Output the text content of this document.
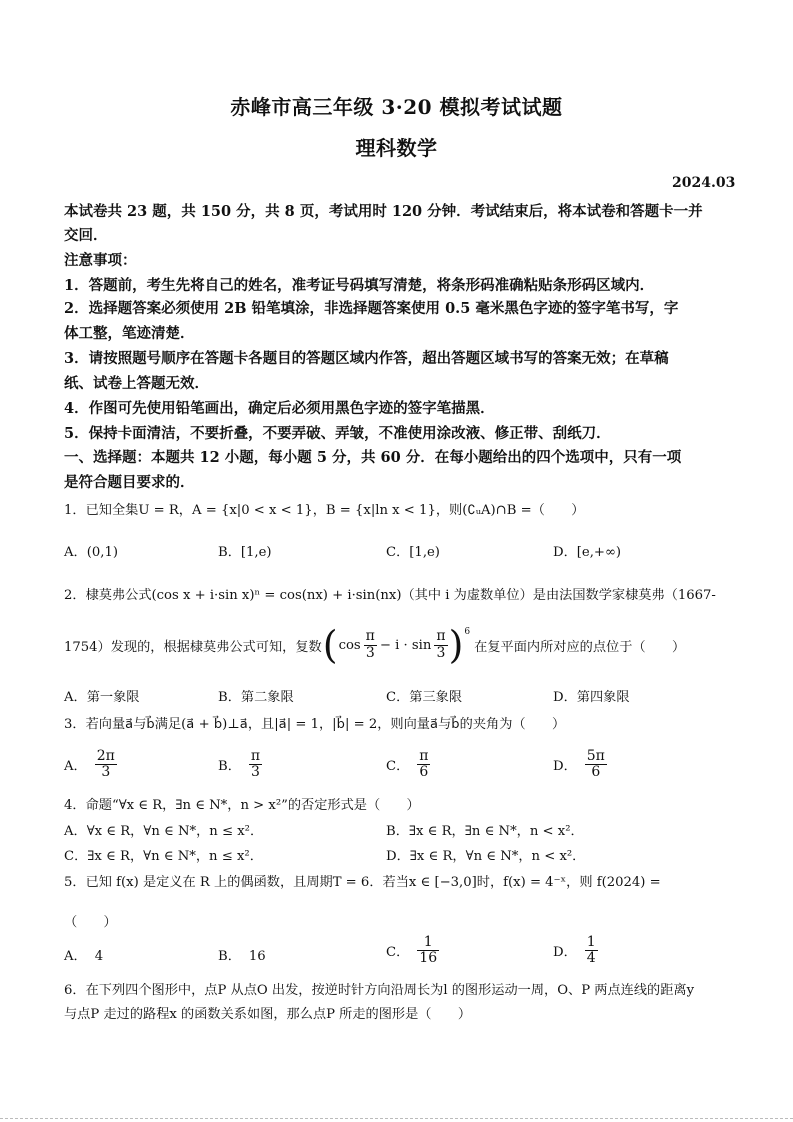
赤峰市高三年级 3·20 模拟考试试题
理科数学
2024.03
本试卷共 23 题，共 150 分，共 8 页，考试用时 120 分钟．考试结束后，将本试卷和答题卡一并
交回．
注意事项：
1．答题前，考生先将自己的姓名，准考证号码填写清楚，将条形码准确粘贴条形码区域内．
2．选择题答案必须使用 2B 铅笔填涂，非选择题答案使用 0.5 毫米黑色字迹的签字笔书写，字
体工整，笔迹清楚．
3．请按照题号顺序在答题卡各题目的答题区域内作答，超出答题区域书写的答案无效；在草稿
纸、试卷上答题无效．
4．作图可先使用铅笔画出，确定后必须用黑色字迹的签字笔描黑．
5．保持卡面清洁，不要折叠，不要弄破、弄皱，不准使用涂改液、修正带、刮纸刀．
一、选择题：本题共 12 小题，每小题 5 分，共 60 分．在每小题给出的四个选项中，只有一项
是符合题目要求的．
1．已知全集U = R，A = {x|0 < x < 1}，B = {x|ln x < 1}，则(∁ᵤA)∩B =（　　）
A．(0,1)	B．[1,e)	C．[1,e)	D．[e,+∞)
2．棣莫弗公式(cos x + i·sin x)ⁿ = cos(nx) + i·sin(nx)（其中 i 为虚数单位）是由法国数学家棣莫弗（1667-
1754）发现的，根据棣莫弗公式可知，复数 ( $\cos \frac{\pi}{3} - i \cdot \sin \frac{\pi}{3} )^6$
在复平面内所对应的点位于（　　）
A．第一象限	B．第二象限	C．第三象限	D．第四象限
3．若向量a⃗与b⃗满足(a⃗ + b⃗)⊥a⃗，且|a⃗| = 1，|b⃗| = 2，则向量a⃗与b⃗的夹角为（　　）
A． $\frac{2\pi}{3}$	B． $\frac{\pi}{3}$	C． $\frac{\pi}{6}$	D． $\frac{5\pi}{6}$
4．命题“∀x ∈ R，∃n ∈ N*，n > x²”的否定形式是（　　）
A．∀x ∈ R，∀n ∈ N*，n ≤ x²．	B．∃x ∈ R，∃n ∈ N*，n < x²．
C．∃x ∈ R，∀n ∈ N*，n ≤ x²．	D．∃x ∈ R，∀n ∈ N*，n < x²．
5．已知 f(x) 是定义在 R 上的偶函数，且周期T = 6．若当x ∈ [−3,0]时，f(x) = 4⁻ˣ，则 f(2024) =
（　　）
A． 4	B． 16	C． $\frac{1}{16}$	D． $\frac{1}{4}$
6．在下列四个图形中，点P 从点O 出发，按逆时针方向沿周长为l 的图形运动一周，O、P 两点连线的距离y
与点P 走过的路程x 的函数关系如图，那么点P 所走的图形是（　　）
